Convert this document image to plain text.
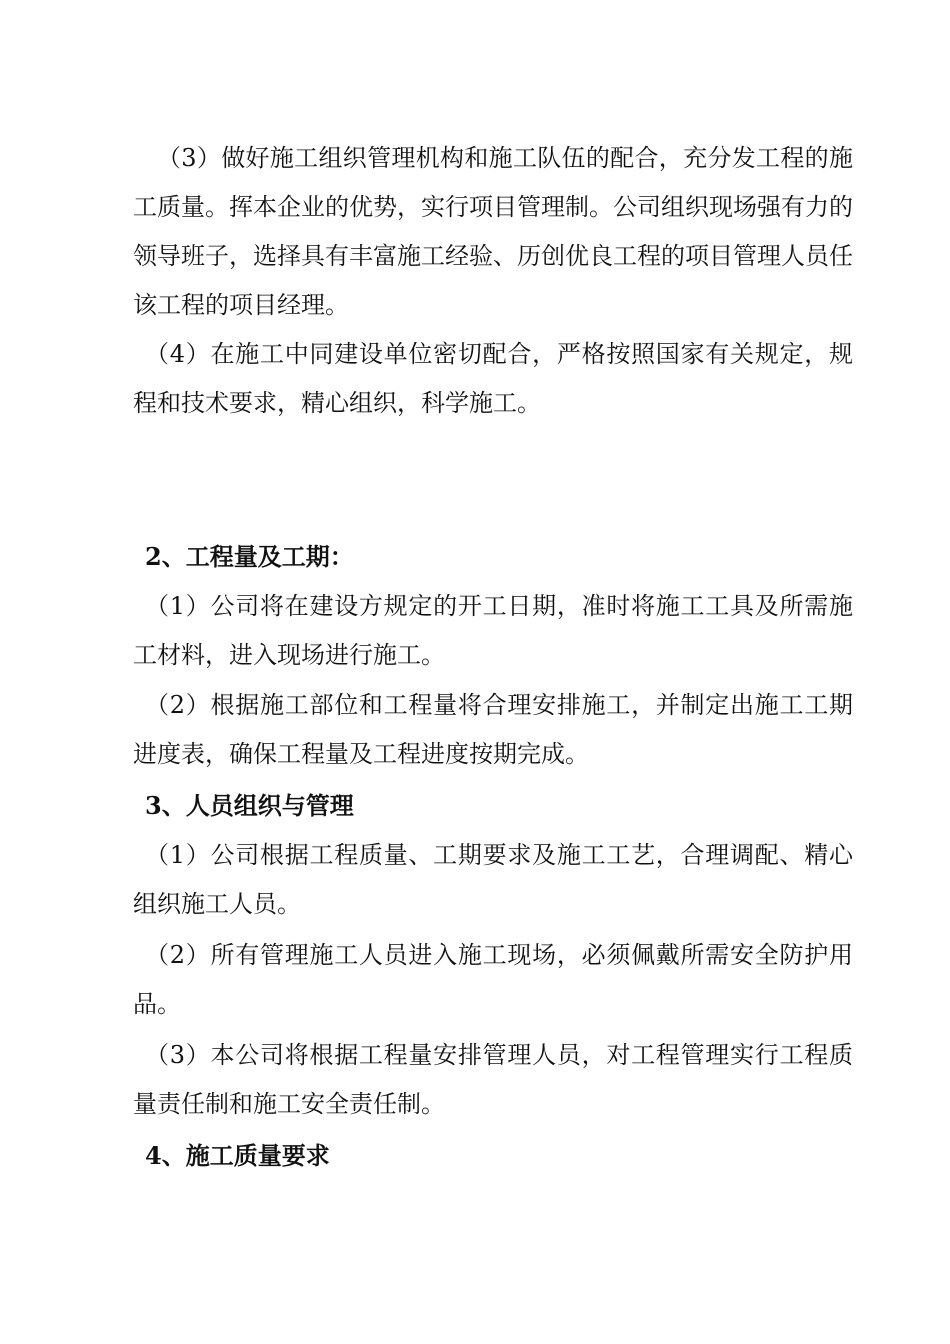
（3）做好施工组织管理机构和施工队伍的配合，充分发工程的施工质量。挥本企业的优势，实行项目管理制。公司组织现场强有力的领导班子，选择具有丰富施工经验、历创优良工程的项目管理人员任该工程的项目经理。

（4）在施工中同建设单位密切配合，严格按照国家有关规定，规程和技术要求，精心组织，科学施工。

2、工程量及工期：

（1）公司将在建设方规定的开工日期，准时将施工工具及所需施工材料，进入现场进行施工。

（2）根据施工部位和工程量将合理安排施工，并制定出施工工期进度表，确保工程量及工程进度按期完成。

3、人员组织与管理

（1）公司根据工程质量、工期要求及施工工艺，合理调配、精心组织施工人员。

（2）所有管理施工人员进入施工现场，必须佩戴所需安全防护用品。

（3）本公司将根据工程量安排管理人员，对工程管理实行工程质量责任制和施工安全责任制。

4、施工质量要求
